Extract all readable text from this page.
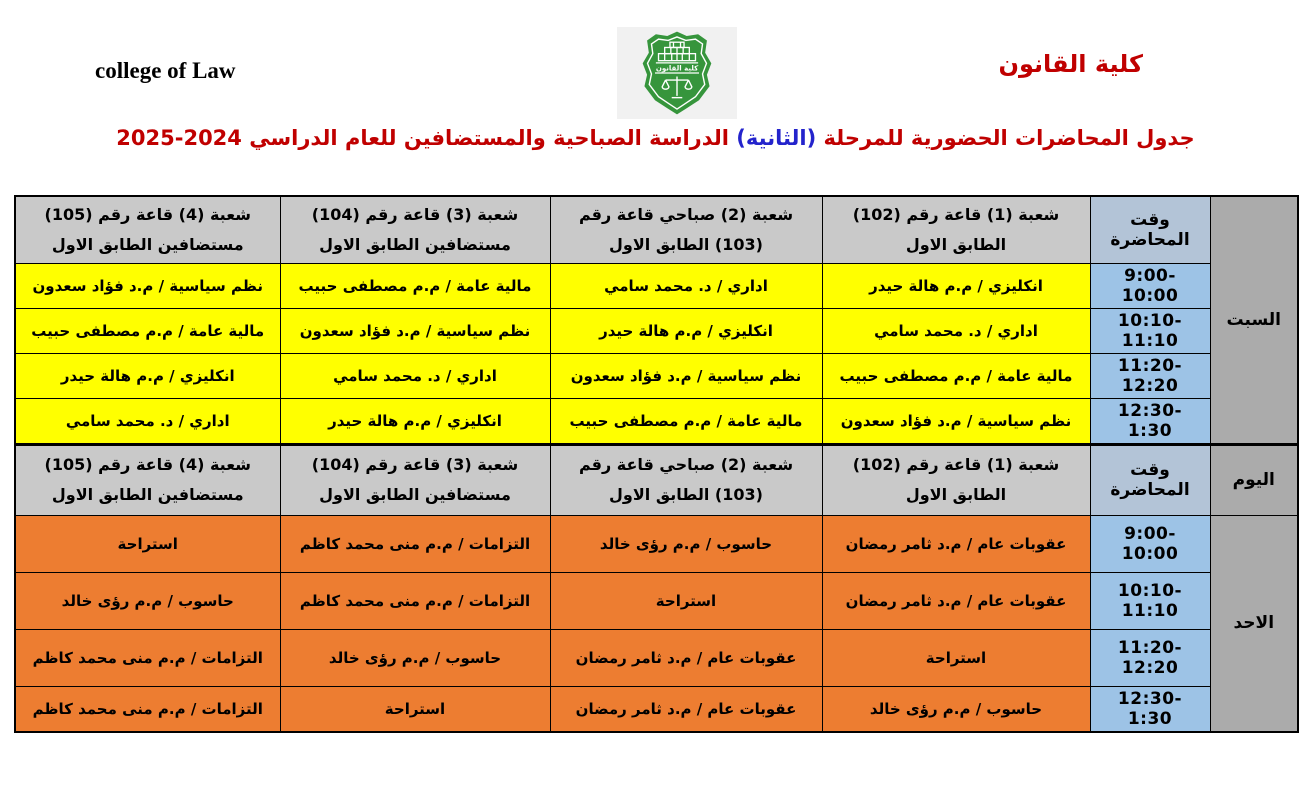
college of Law	كلية القانون	كلية القانون
جدول المحاضرات الحضورية للمرحلة (الثانية) الدراسة الصباحية والمستضافين للعام الدراسي 2025-2024
السبت	وقت المحاضرة	شعبة (1) قاعة رقم (102) الطابق الاول	شعبة (2) صباحي قاعة رقم (103) الطابق الاول	شعبة (3) قاعة رقم (104) مستضافين الطابق الاول	شعبة (4) قاعة رقم (105) مستضافين الطابق الاول
	9:00- 10:00	انكليزي / م.م هالة حيدر	اداري / د. محمد سامي	مالية عامة / م.م مصطفى حبيب	نظم سياسية / م.د فؤاد سعدون
	10:10-11:10	اداري / د. محمد سامي	انكليزي / م.م هالة حيدر	نظم سياسية / م.د فؤاد سعدون	مالية عامة / م.م مصطفى حبيب
	11:20- 12:20	مالية عامة / م.م مصطفى حبيب	نظم سياسية / م.د فؤاد سعدون	اداري / د. محمد سامي	انكليزي / م.م هالة حيدر
	12:30- 1:30	نظم سياسية / م.د فؤاد سعدون	مالية عامة / م.م مصطفى حبيب	انكليزي / م.م هالة حيدر	اداري / د. محمد سامي
اليوم	وقت المحاضرة	شعبة (1) قاعة رقم (102) الطابق الاول	شعبة (2) صباحي قاعة رقم (103) الطابق الاول	شعبة (3) قاعة رقم (104) مستضافين الطابق الاول	شعبة (4) قاعة رقم (105) مستضافين الطابق الاول
الاحد	9:00- 10:00	عقوبات عام / م.د ثامر رمضان	حاسوب / م.م رؤى خالد	التزامات / م.م منى محمد كاظم	استراحة
	10:10-11:10	عقوبات عام / م.د ثامر رمضان	استراحة	التزامات / م.م منى محمد كاظم	حاسوب / م.م رؤى خالد
	11:20- 12:20	استراحة	عقوبات عام / م.د ثامر رمضان	حاسوب / م.م رؤى خالد	التزامات / م.م منى محمد كاظم
	12:30- 1:30	حاسوب / م.م رؤى خالد	عقوبات عام / م.د ثامر رمضان	استراحة	التزامات / م.م منى محمد كاظم
